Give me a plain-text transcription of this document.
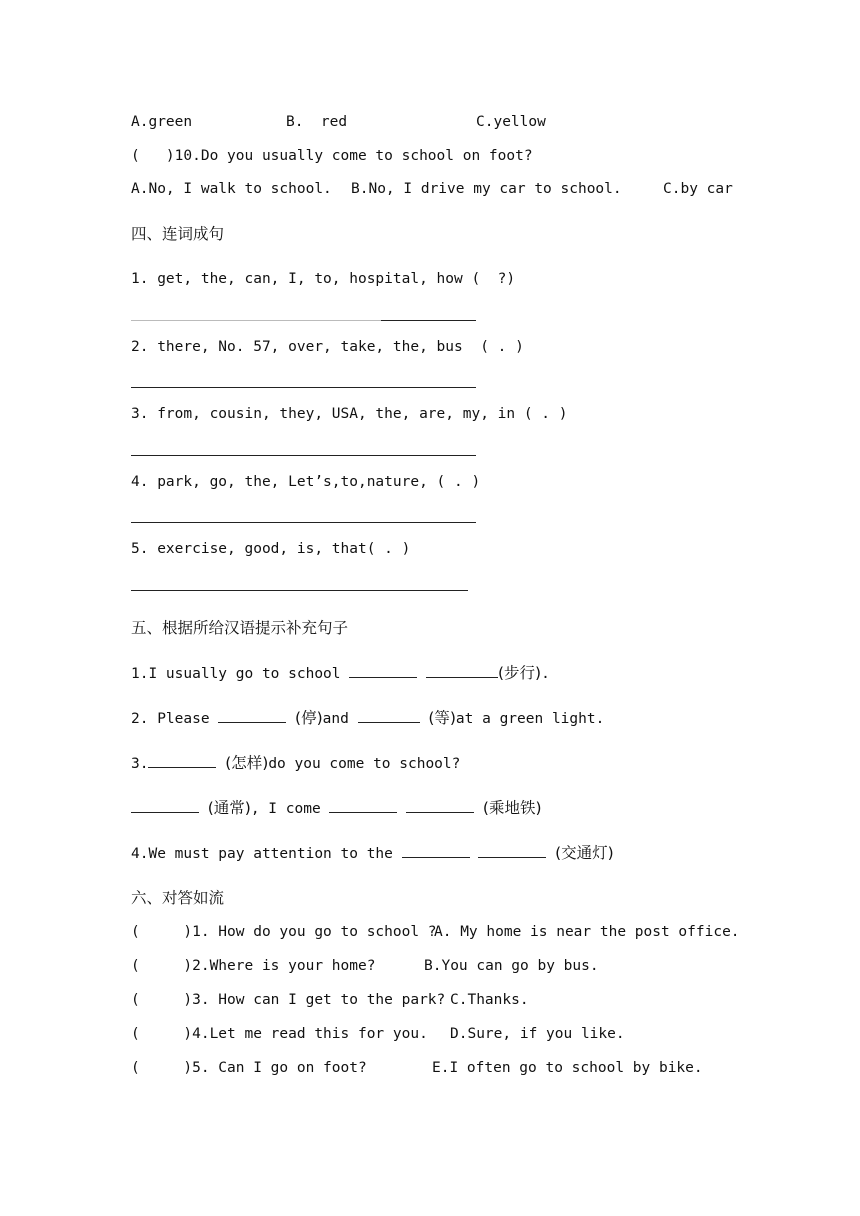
A.green	B.  red	C.yellow
(   )10.Do you usually come to school on foot?
A.No, I walk to school. B.No, I drive my car to school.	C.by car
四、连词成句
1. get, the, can, I, to, hospital, how (  ?)
2. there, No. 57, over, take, the, bus  ( . )
3. from, cousin, they, USA, the, are, my, in ( . )
4. park, go, the, Let’s,to,nature, ( . )
5. exercise, good, is, that( . )
五、根据所给汉语提示补充句子
1.I usually go to school	(步行).
2. Please	(停)and	(等)at a green light.
3.	(怎样)do you come to school?
(通常), I come	(乘地铁)
4.We must pay attention to the	(交通灯)
六、对答如流
(     )1. How do you go to school ?
A. My home is near the post office.
(     )2.Where is your home?	B.You can go by bus.
(     )3. How can I get to the park? C.Thanks.
(     )4.Let me read this for you. D.Sure, if you like.
(     )5. Can I go on foot?	E.I often go to school by bike.
